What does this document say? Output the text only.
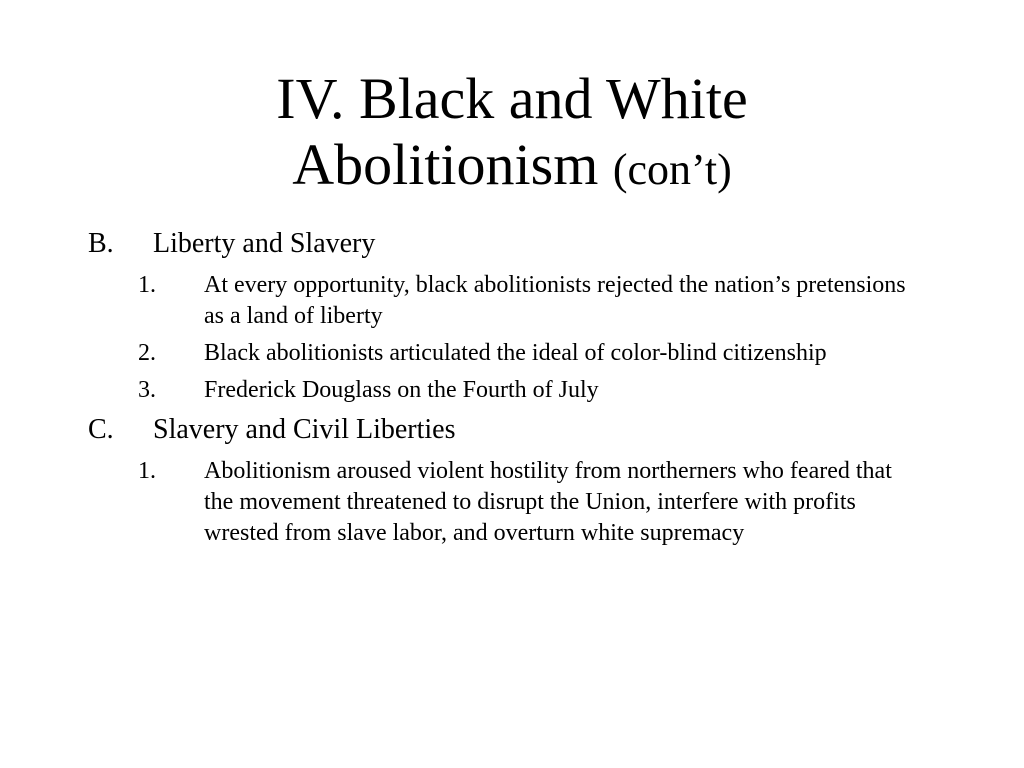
IV. Black and White
Abolitionism (con’t)
B. Liberty and Slavery
1. At every opportunity, black abolitionists rejected the nation’s pretensions as a land of liberty
2. Black abolitionists articulated the ideal of color-blind citizenship
3. Frederick Douglass on the Fourth of July
C. Slavery and Civil Liberties
1. Abolitionism aroused violent hostility from northerners who feared that the movement threatened to disrupt the Union, interfere with profits wrested from slave labor, and overturn white supremacy
